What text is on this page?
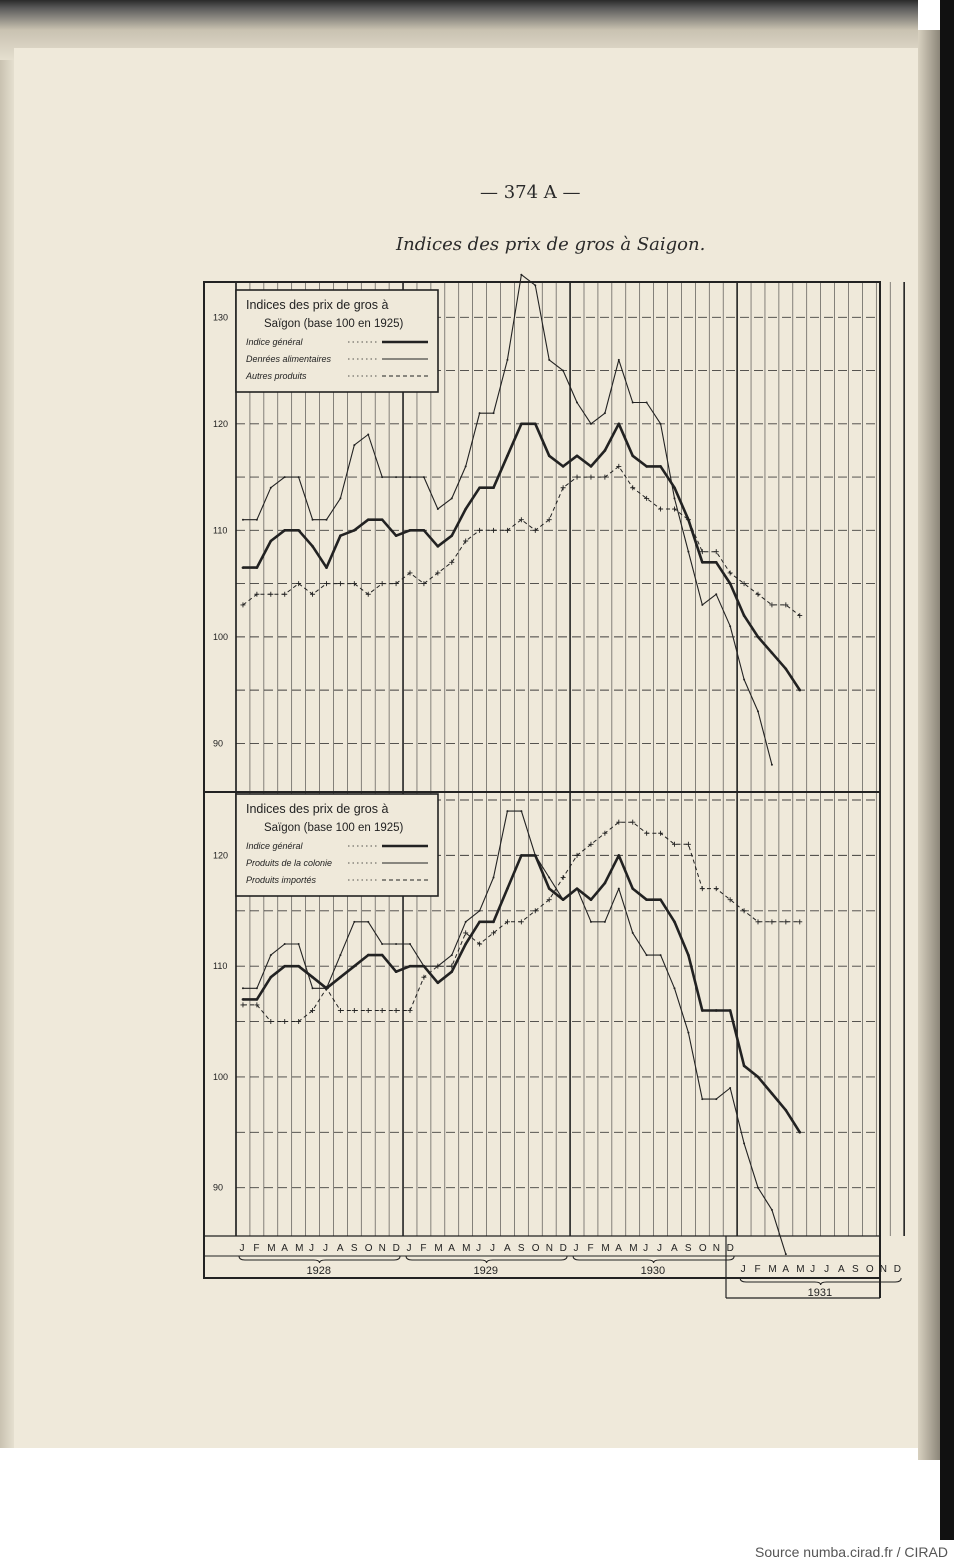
— 374 A —
Indices des prix de gros à Saigon.
130
120
110
100
90
Indices des prix de gros à
Saïgon (base 100 en 1925)
Indice général
Denrées alimentaires
Autres produits
120
110
100
90
Indices des prix de gros à
Saïgon (base 100 en 1925)
Indice général
Produits de la colonie
Produits importés
J F M A M J J A S O N D J F M A M J J A S O N D J F M A M J J A S O N D
J F M A M J J A S O N D
1928	1929	1930
1931
Source numba.cirad.fr / CIRAD
